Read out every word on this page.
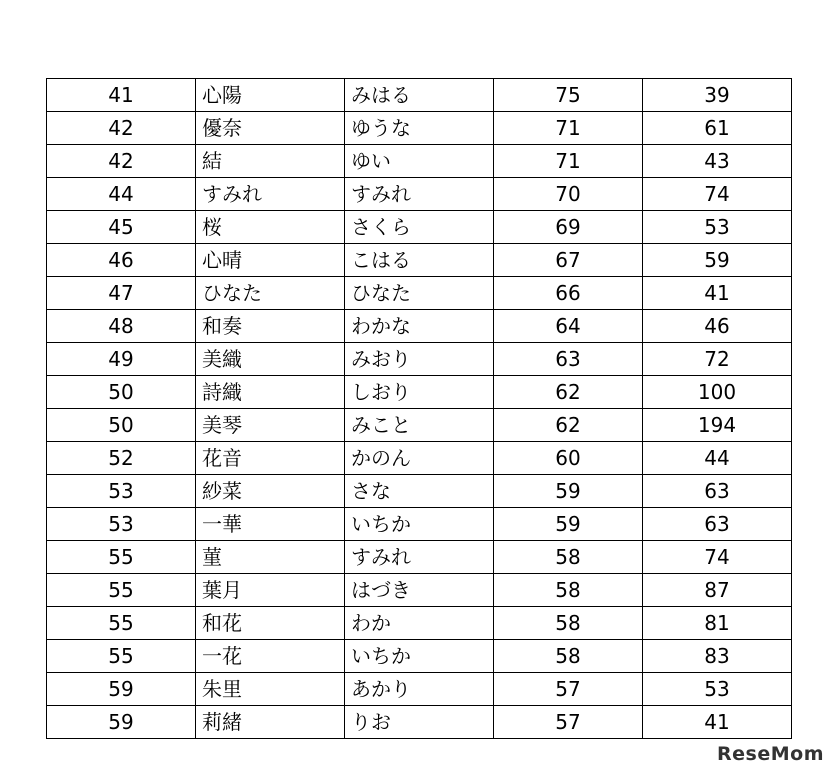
41	心陽	みはる	75	39
42	優奈	ゆうな	71	61
42	結	ゆい	71	43
44	すみれ	すみれ	70	74
45	桜	さくら	69	53
46	心晴	こはる	67	59
47	ひなた	ひなた	66	41
48	和奏	わかな	64	46
49	美織	みおり	63	72
50	詩織	しおり	62	100
50	美琴	みこと	62	194
52	花音	かのん	60	44
53	紗菜	さな	59	63
53	一華	いちか	59	63
55	菫	すみれ	58	74
55	葉月	はづき	58	87
55	和花	わか	58	81
55	一花	いちか	58	83
59	朱里	あかり	57	53
59	莉緒	りお	57	41
ReseMom
